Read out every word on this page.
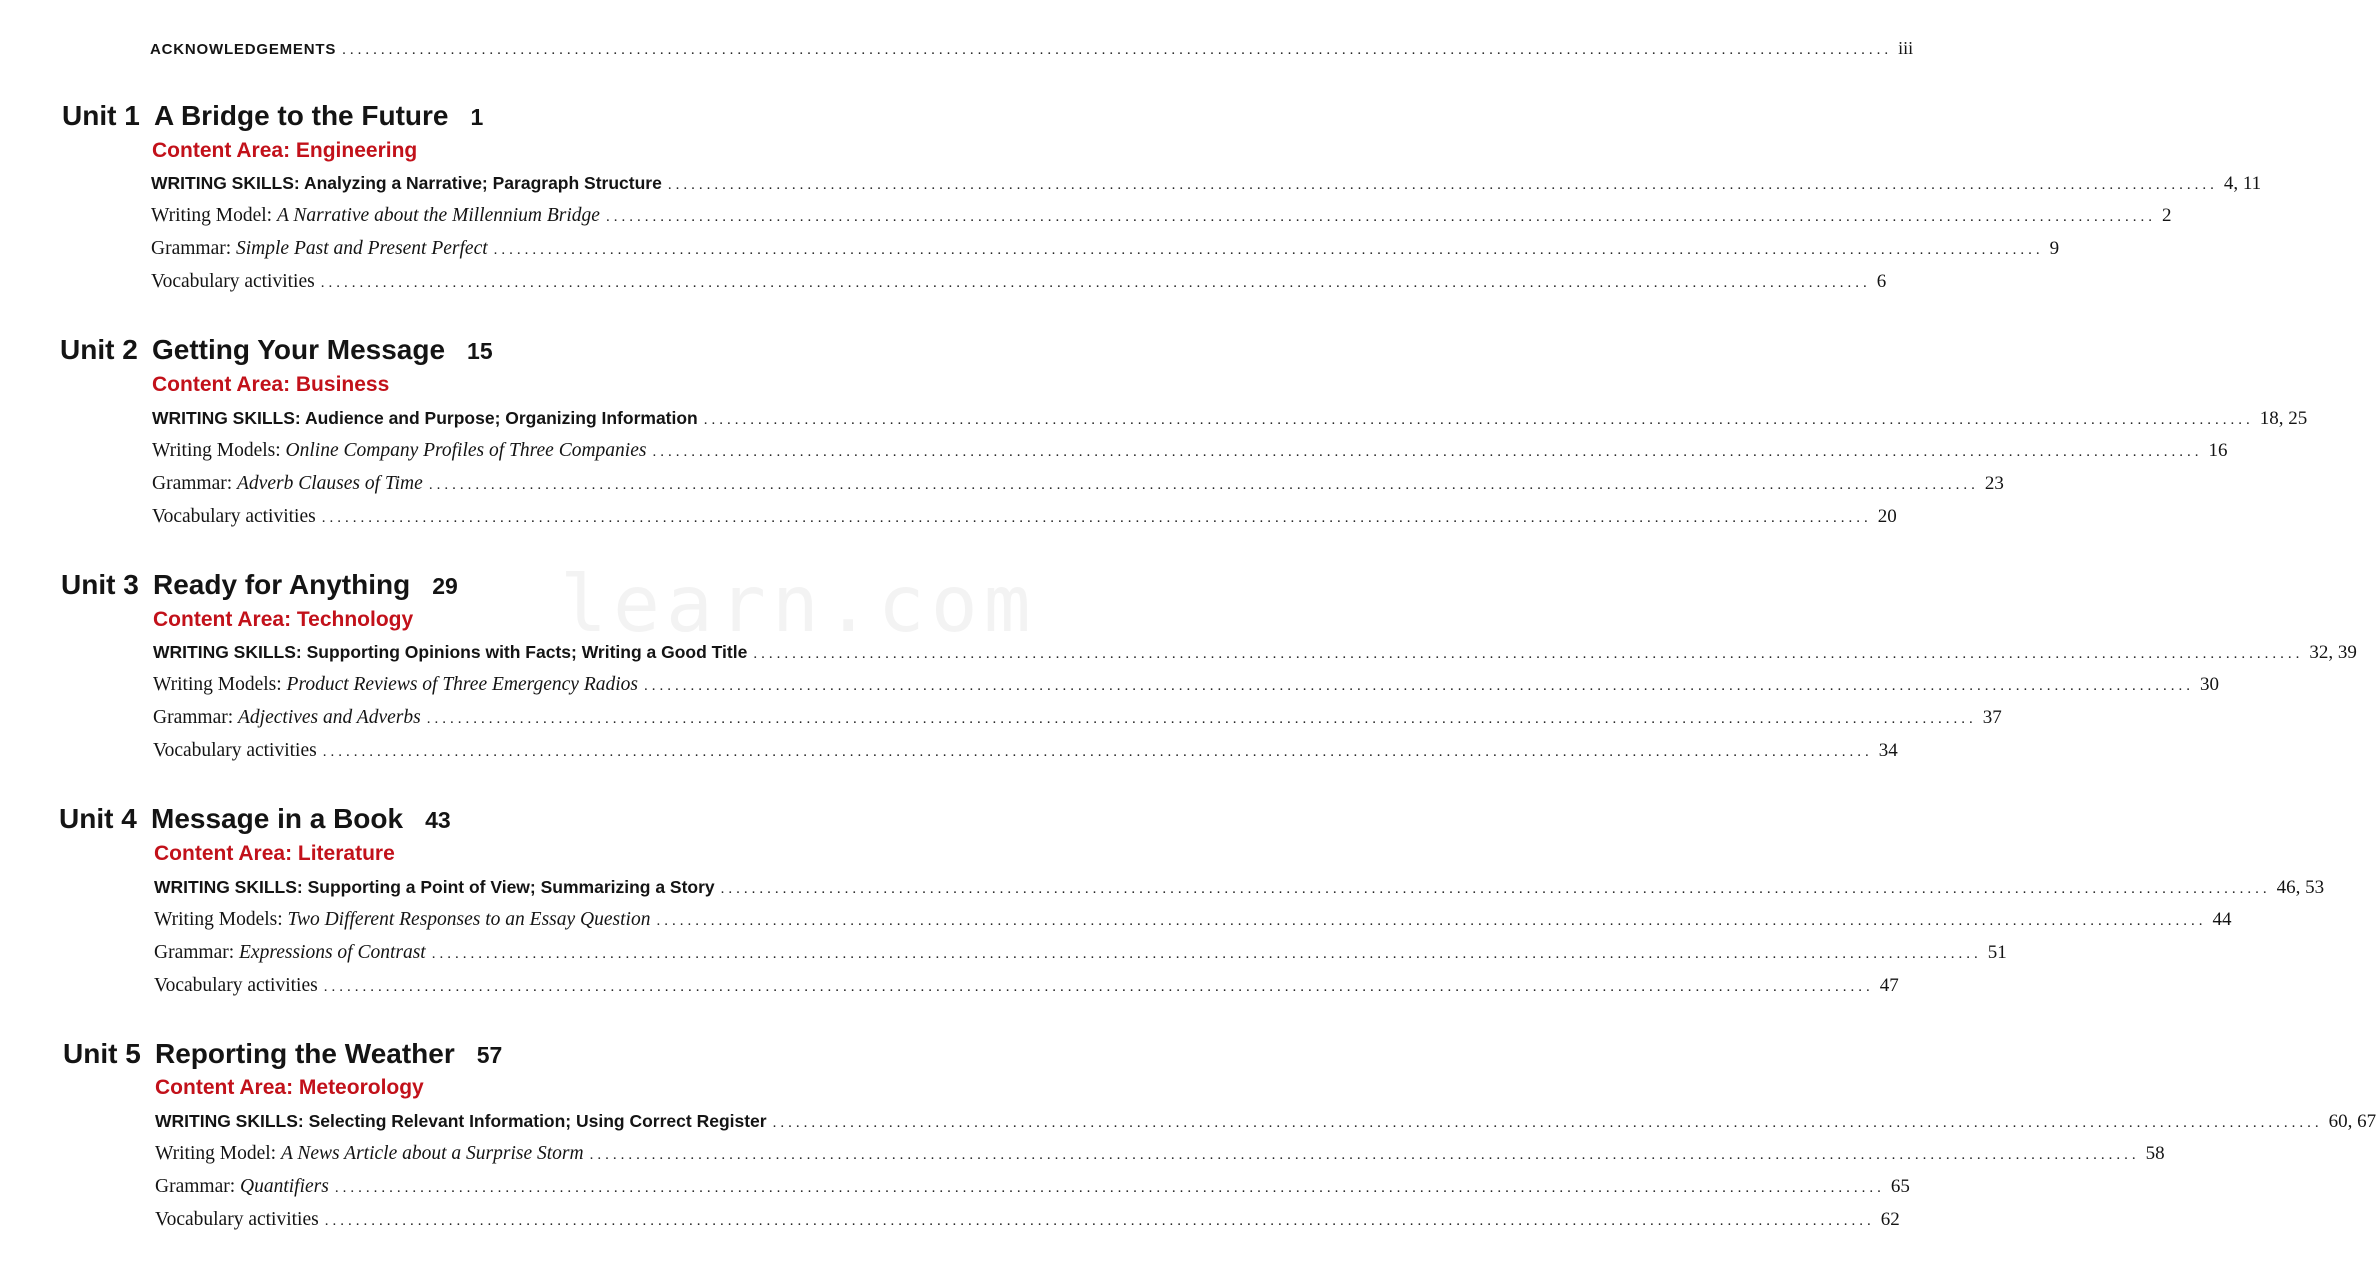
learn.com
ACKNOWLEDGEMENTS ........................................................................................................................................................................................................ iii
Unit 1 A Bridge to the Future 1
Content Area: Engineering
WRITING SKILLS: Analyzing a Narrative; Paragraph Structure ........................................................................................................................................................................................................ 4, 11
Writing Model: A Narrative about the Millennium Bridge ........................................................................................................................................................................................................ 2
Grammar: Simple Past and Present Perfect ........................................................................................................................................................................................................ 9
Vocabulary activities ........................................................................................................................................................................................................ 6
Unit 2 Getting Your Message 15
Content Area: Business
WRITING SKILLS: Audience and Purpose; Organizing Information ........................................................................................................................................................................................................ 18, 25
Writing Models: Online Company Profiles of Three Companies ........................................................................................................................................................................................................ 16
Grammar: Adverb Clauses of Time ........................................................................................................................................................................................................ 23
Vocabulary activities ........................................................................................................................................................................................................ 20
Unit 3 Ready for Anything 29
Content Area: Technology
WRITING SKILLS: Supporting Opinions with Facts; Writing a Good Title ........................................................................................................................................................................................................ 32, 39
Writing Models: Product Reviews of Three Emergency Radios ........................................................................................................................................................................................................ 30
Grammar: Adjectives and Adverbs ........................................................................................................................................................................................................ 37
Vocabulary activities ........................................................................................................................................................................................................ 34
Unit 4 Message in a Book 43
Content Area: Literature
WRITING SKILLS: Supporting a Point of View; Summarizing a Story ........................................................................................................................................................................................................ 46, 53
Writing Models: Two Different Responses to an Essay Question ........................................................................................................................................................................................................ 44
Grammar: Expressions of Contrast ........................................................................................................................................................................................................ 51
Vocabulary activities ........................................................................................................................................................................................................ 47
Unit 5 Reporting the Weather 57
Content Area: Meteorology
WRITING SKILLS: Selecting Relevant Information; Using Correct Register ........................................................................................................................................................................................................ 60, 67
Writing Model: A News Article about a Surprise Storm ........................................................................................................................................................................................................ 58
Grammar: Quantifiers ........................................................................................................................................................................................................ 65
Vocabulary activities ........................................................................................................................................................................................................ 62
